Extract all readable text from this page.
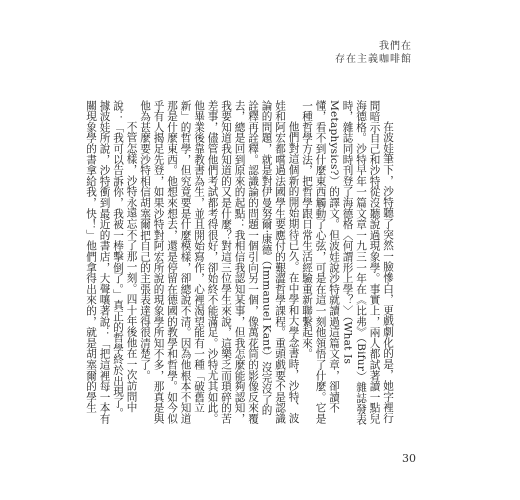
我們在
存在主義咖啡館

在波娃筆下，沙特聽了突然一臉慘白，更戲劇化的是，她字裡行間暗示自己和沙特從沒聽說過現象學。事實上，兩人都試著讀一點兒海德格。沙特早年一篇文章一九三一年在《比弗》（Bifur）雜誌發表時，雜誌同時刊登了海德格〈何謂形上學？〉（What Is Metaphysics?）的譯文。但波娃說沙特就讀過這篇文章，卻讀不懂，看不到什麼東西觸動了心弦，可是在這一刻他領悟了什麼。它是一種哲學方法，把哲學跟日常生活經驗重新聯繫起來。

他們對這個新的開始期待已久。在中學和大學念書時，沙特、波娃和阿宏都嚐過法國學生要應付的艱澀哲學課程。重頭戲要不是認識論的問題，就是對伊曼努爾‧康德（Immanuel Kant）沒完沒了的詮釋再詮釋。認識論的問題一個引向另一個，像萬花筒的影像反來覆去，總是回到原來的起點：我相信我認知某事，但我怎麼能夠認知，我要知道我知道的又是什麼？對這三位學生來說，這樂乏而瑣碎的苦差事，儘管他們考試都考得很好，卻始終不能滿足。沙特尤其如此。他畢業後靠教書為生，並且開始寫作，心裡渴望能有一種「破舊立新」的哲學，但究竟要是什麼模樣，卻總說不清。因為他根本不知道那是什麼東西。他想來想去，還是停留在德國的教學和哲學。如今似乎有人揭足先登，如果沙特對阿宏所說的現象學所知不多，那真是與他為甚麼要沙特相信胡塞爾把自己的主張表達得很清楚了。

不管怎樣，沙特永遠忘不了那一刻。四十年後他在一次訪問中說：「我可以告訴你，我被一棒擊倒了。」真正的哲學終於出現了。據波娃所說，沙特衝到最近的書店，大聲嚷著說：「把這裡每一本有關現象學的書拿給我，快！」他們拿得出來的，就是胡塞爾的學生

30
